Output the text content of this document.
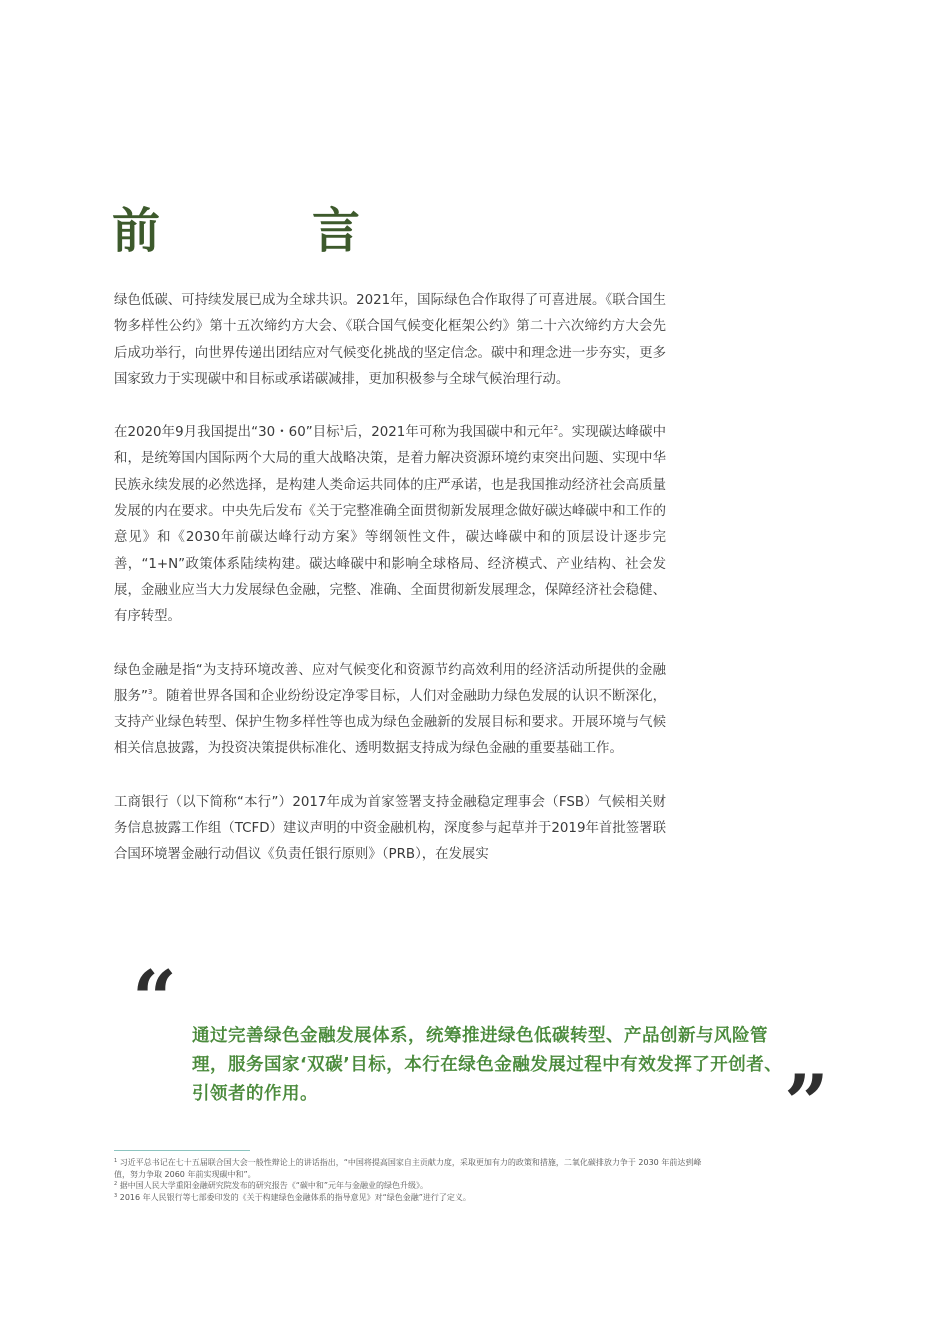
前　言

绿色低碳、可持续发展已成为全球共识。2021年，国际绿色合作取得了可喜进展。《联合国生物多样性公约》第十五次缔约方大会、《联合国气候变化框架公约》第二十六次缔约方大会先后成功举行，向世界传递出团结应对气候变化挑战的坚定信念。碳中和理念进一步夯实，更多国家致力于实现碳中和目标或承诺碳减排，更加积极参与全球气候治理行动。

在2020年9月我国提出“30・60”目标$^1$后，2021年可称为我国碳中和元年$^2$。实现碳达峰碳中和，是统筹国内国际两个大局的重大战略决策，是着力解决资源环境约束突出问题、实现中华民族永续发展的必然选择，是构建人类命运共同体的庄严承诺，也是我国推动经济社会高质量发展的内在要求。中央先后发布《关于完整准确全面贯彻新发展理念做好碳达峰碳中和工作的意见》和《2030年前碳达峰行动方案》等纲领性文件，碳达峰碳中和的顶层设计逐步完善，“1+N”政策体系陆续构建。碳达峰碳中和影响全球格局、经济模式、产业结构、社会发展，金融业应当大力发展绿色金融，完整、准确、全面贯彻新发展理念，保障经济社会稳健、有序转型。

绿色金融是指“为支持环境改善、应对气候变化和资源节约高效利用的经济活动所提供的金融服务”$^3$。随着世界各国和企业纷纷设定净零目标，人们对金融助力绿色发展的认识不断深化，支持产业绿色转型、保护生物多样性等也成为绿色金融新的发展目标和要求。开展环境与气候相关信息披露，为投资决策提供标准化、透明数据支持成为绿色金融的重要基础工作。

工商银行（以下简称“本行”）2017年成为首家签署支持金融稳定理事会（FSB）气候相关财务信息披露工作组（TCFD）建议声明的中资金融机构，深度参与起草并于2019年首批签署联合国环境署金融行动倡议《负责任银行原则》（PRB），在发展实

“ 通过完善绿色金融发展体系，统筹推进绿色低碳转型、产品创新与风险管理，服务国家‘双碳’目标，本行在绿色金融发展过程中有效发挥了开创者、引领者的作用。	”

$^1$ 习近平总书记在七十五届联合国大会一般性辩论上的讲话指出，“中国将提高国家自主贡献力度，采取更加有力的政策和措施，二氧化碳排放力争于 2030 年前达到峰值，努力争取 2060 年前实现碳中和”。

$^2$ 据中国人民大学重阳金融研究院发布的研究报告《“碳中和”元年与金融业的绿色升级》。

$^3$ 2016 年人民银行等七部委印发的《关于构建绿色金融体系的指导意见》对“绿色金融”进行了定义。
